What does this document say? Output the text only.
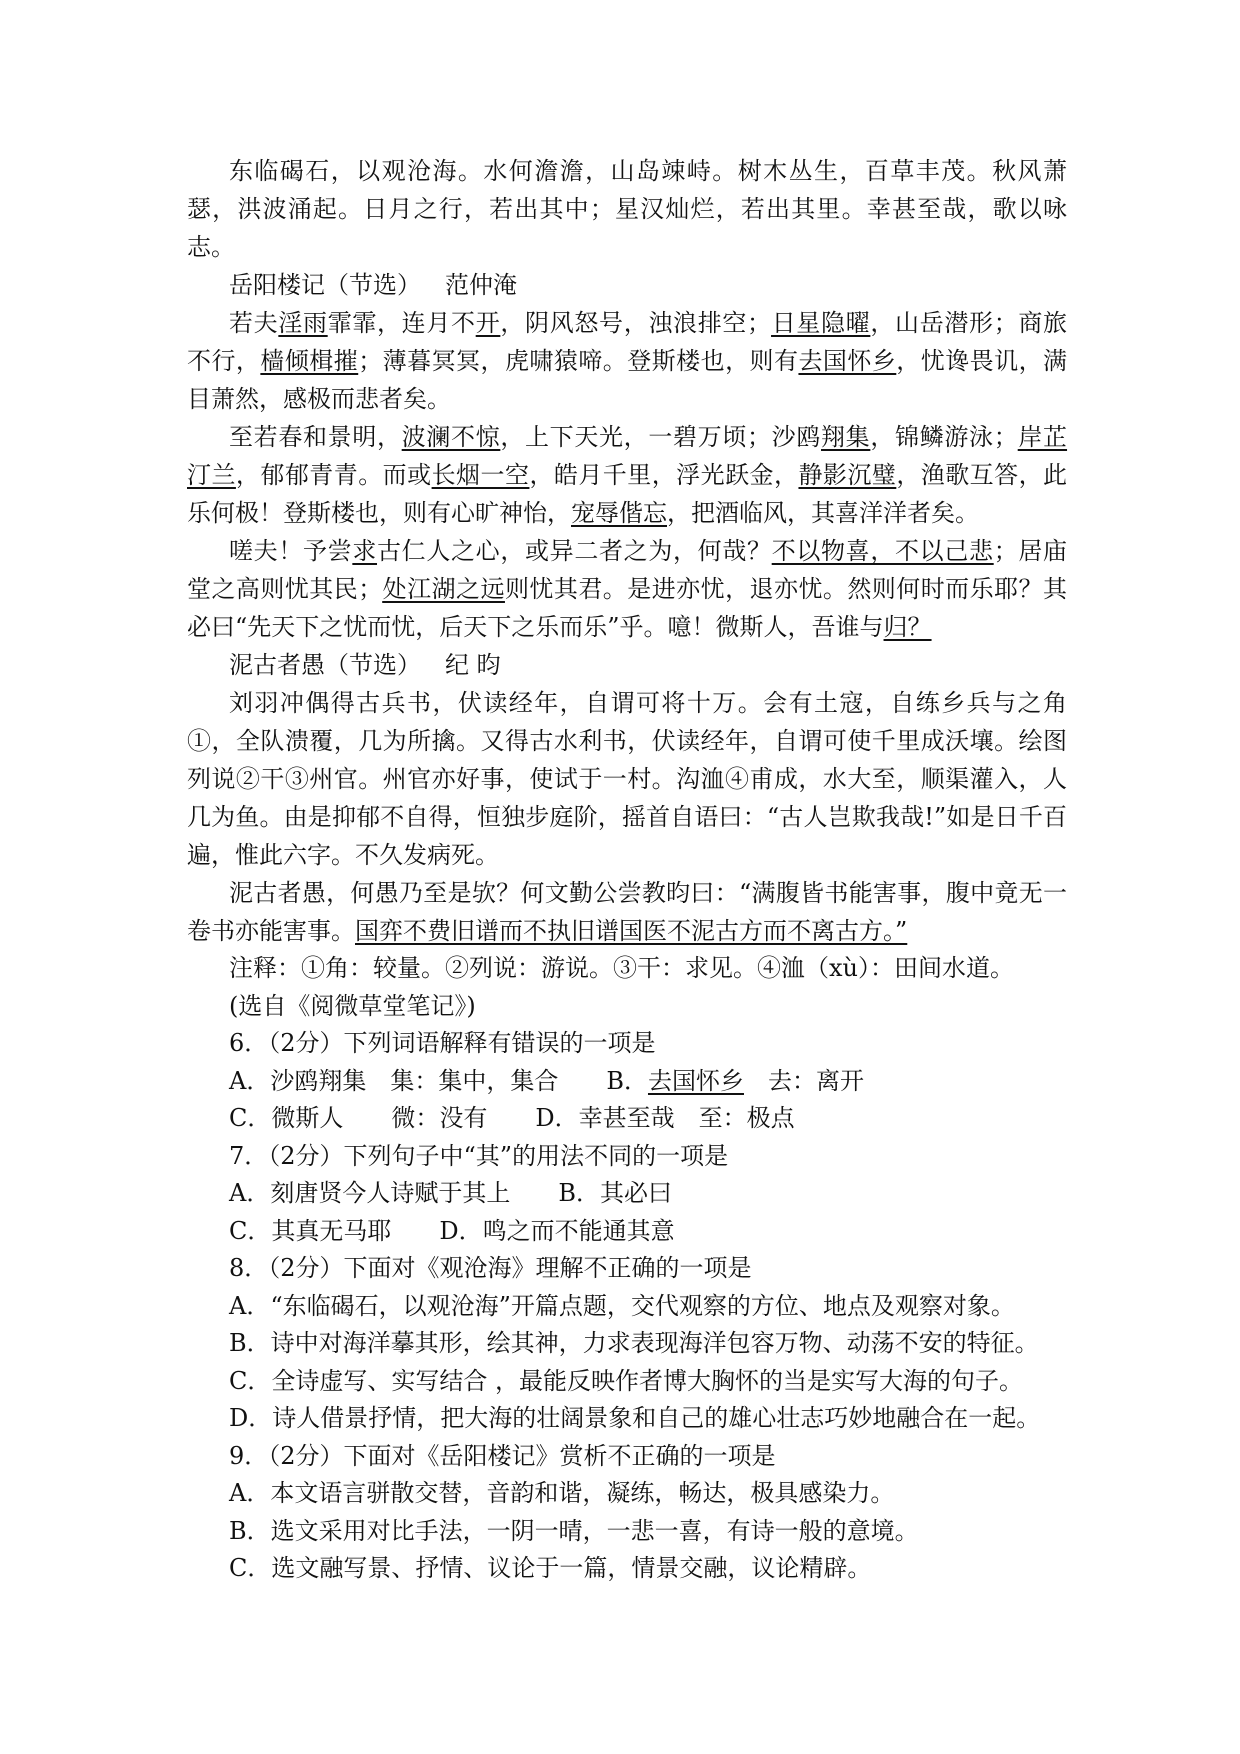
东临碣石，以观沧海。水何澹澹，山岛竦峙。树木丛生，百草丰茂。秋风萧瑟，洪波涌起。日月之行，若出其中；星汉灿烂，若出其里。幸甚至哉，歌以咏志。

岳阳楼记（节选） 范仲淹

若夫淫雨霏霏，连月不开，阴风怒号，浊浪排空；日星隐曜，山岳潜形；商旅不行，樯倾楫摧；薄暮冥冥，虎啸猿啼。登斯楼也，则有去国怀乡，忧谗畏讥，满目萧然，感极而悲者矣。

至若春和景明，波澜不惊，上下天光，一碧万顷；沙鸥翔集，锦鳞游泳；岸芷汀兰，郁郁青青。而或长烟一空，皓月千里，浮光跃金，静影沉璧，渔歌互答，此乐何极！登斯楼也，则有心旷神怡，宠辱偕忘，把酒临风，其喜洋洋者矣。

嗟夫！予尝求古仁人之心，或异二者之为，何哉？不以物喜，不以己悲；居庙堂之高则忧其民；处江湖之远则忧其君。是进亦忧，退亦忧。然则何时而乐耶？其必曰“先天下之忧而忧，后天下之乐而乐”乎。噫！微斯人，吾谁与归？

泥古者愚（节选） 纪 昀

刘羽冲偶得古兵书，伏读经年，自谓可将十万。会有土寇，自练乡兵与之角①，全队溃覆，几为所擒。又得古水利书，伏读经年，自谓可使千里成沃壤。绘图列说②干③州官。州官亦好事，使试于一村。沟洫④甫成，水大至，顺渠灌入，人几为鱼。由是抑郁不自得，恒独步庭阶，摇首自语曰：“古人岂欺我哉!”如是日千百遍，惟此六字。不久发病死。

泥古者愚，何愚乃至是欤？何文勤公尝教昀曰：“满腹皆书能害事，腹中竟无一卷书亦能害事。国弈不费旧谱而不执旧谱国医不泥古方而不离古方。”

注释：①角：较量。②列说：游说。③干：求见。④洫（xù）：田间水道。

(选自《阅微草堂笔记》)

6．（2分）下列词语解释有错误的一项是

A．沙鸥翔集　集：集中，集合 B．去国怀乡　去：离开

C．微斯人　　微：没有 D．幸甚至哉　至：极点

7．（2分）下列句子中“其”的用法不同的一项是

A．刻唐贤今人诗赋于其上 B．其必曰

C．其真无马耶 D．鸣之而不能通其意

8．（2分）下面对《观沧海》理解不正确的一项是

A．“东临碣石，以观沧海”开篇点题，交代观察的方位、地点及观察对象。

B．诗中对海洋摹其形，绘其神，力求表现海洋包容万物、动荡不安的特征。

C．全诗虚写、实写结合 ，最能反映作者博大胸怀的当是实写大海的句子。

D．诗人借景抒情，把大海的壮阔景象和自己的雄心壮志巧妙地融合在一起。

9．（2分）下面对《岳阳楼记》赏析不正确的一项是

A．本文语言骈散交替，音韵和谐，凝练，畅达，极具感染力。

B．选文采用对比手法，一阴一晴，一悲一喜，有诗一般的意境。

C．选文融写景、抒情、议论于一篇，情景交融，议论精辟。
